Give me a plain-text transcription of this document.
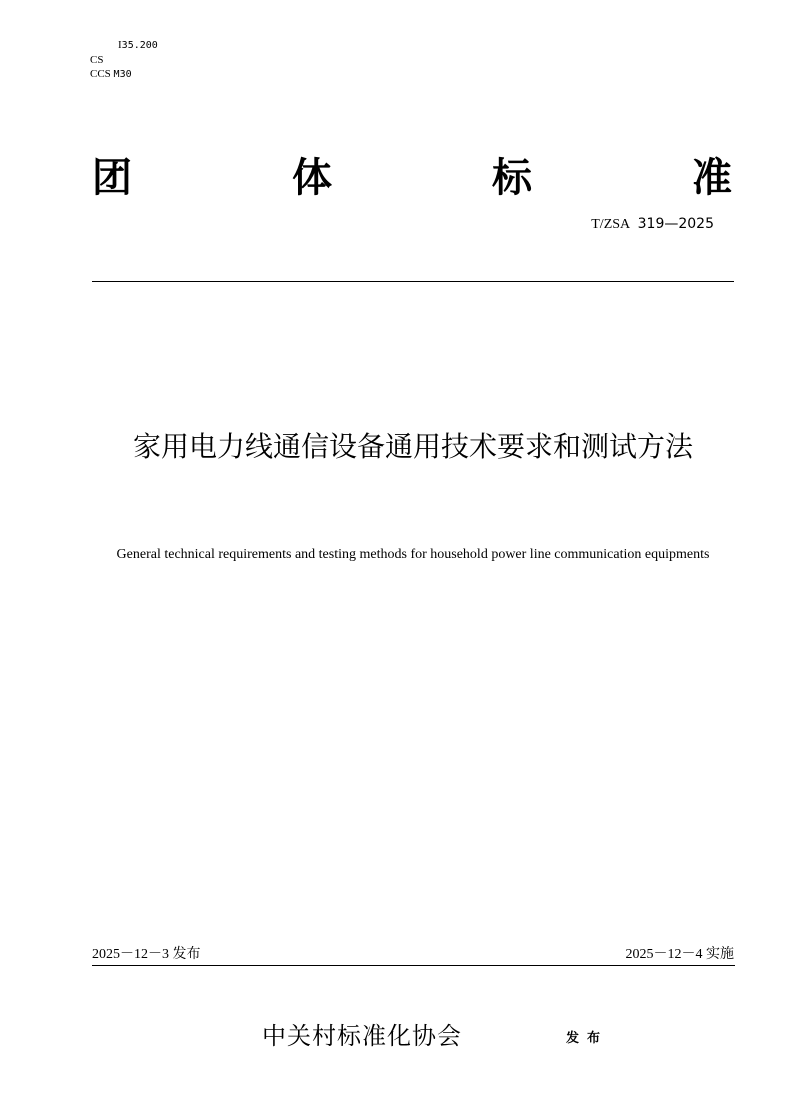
I35.200
CS
CCS M30
团	体	标	准
T/ZSA 319—2025
家用电力线通信设备通用技术要求和测试方法
General technical requirements and testing methods for household power line communication equipments
2025－12－3 发布	2025－12－4 实施
中关村标准化协会	发布
